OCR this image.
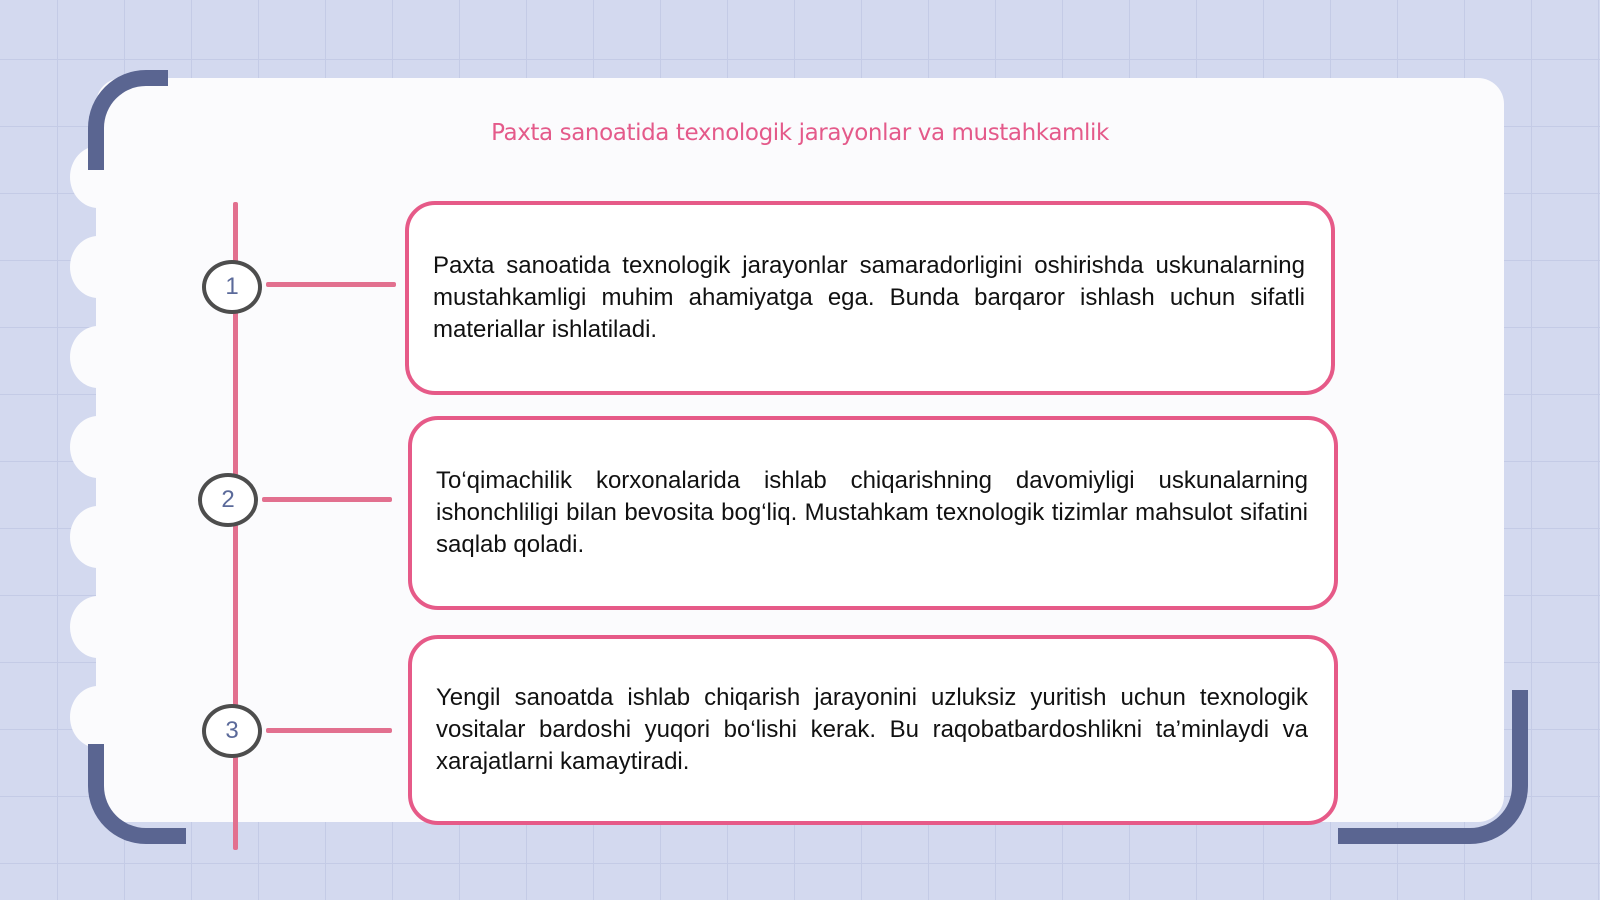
Paxta sanoatida texnologik jarayonlar va mustahkamlik
1

Paxta sanoatida texnologik jarayonlar samaradorligini oshirishda uskunalarning mustahkamligi muhim ahamiyatga ega. Bunda barqaror ishlash uchun sifatli materiallar ishlatiladi.

2

To‘qimachilik korxonalarida ishlab chiqarishning davomiyligi uskunalarning ishonchliligi bilan bevosita bog‘liq. Mustahkam texnologik tizimlar mahsulot sifatini saqlab qoladi.

3

Yengil sanoatda ishlab chiqarish jarayonini uzluksiz yuritish uchun texnologik vositalar bardoshi yuqori bo‘lishi kerak. Bu raqobatbardoshlikni ta’minlaydi va xarajatlarni kamaytiradi.
